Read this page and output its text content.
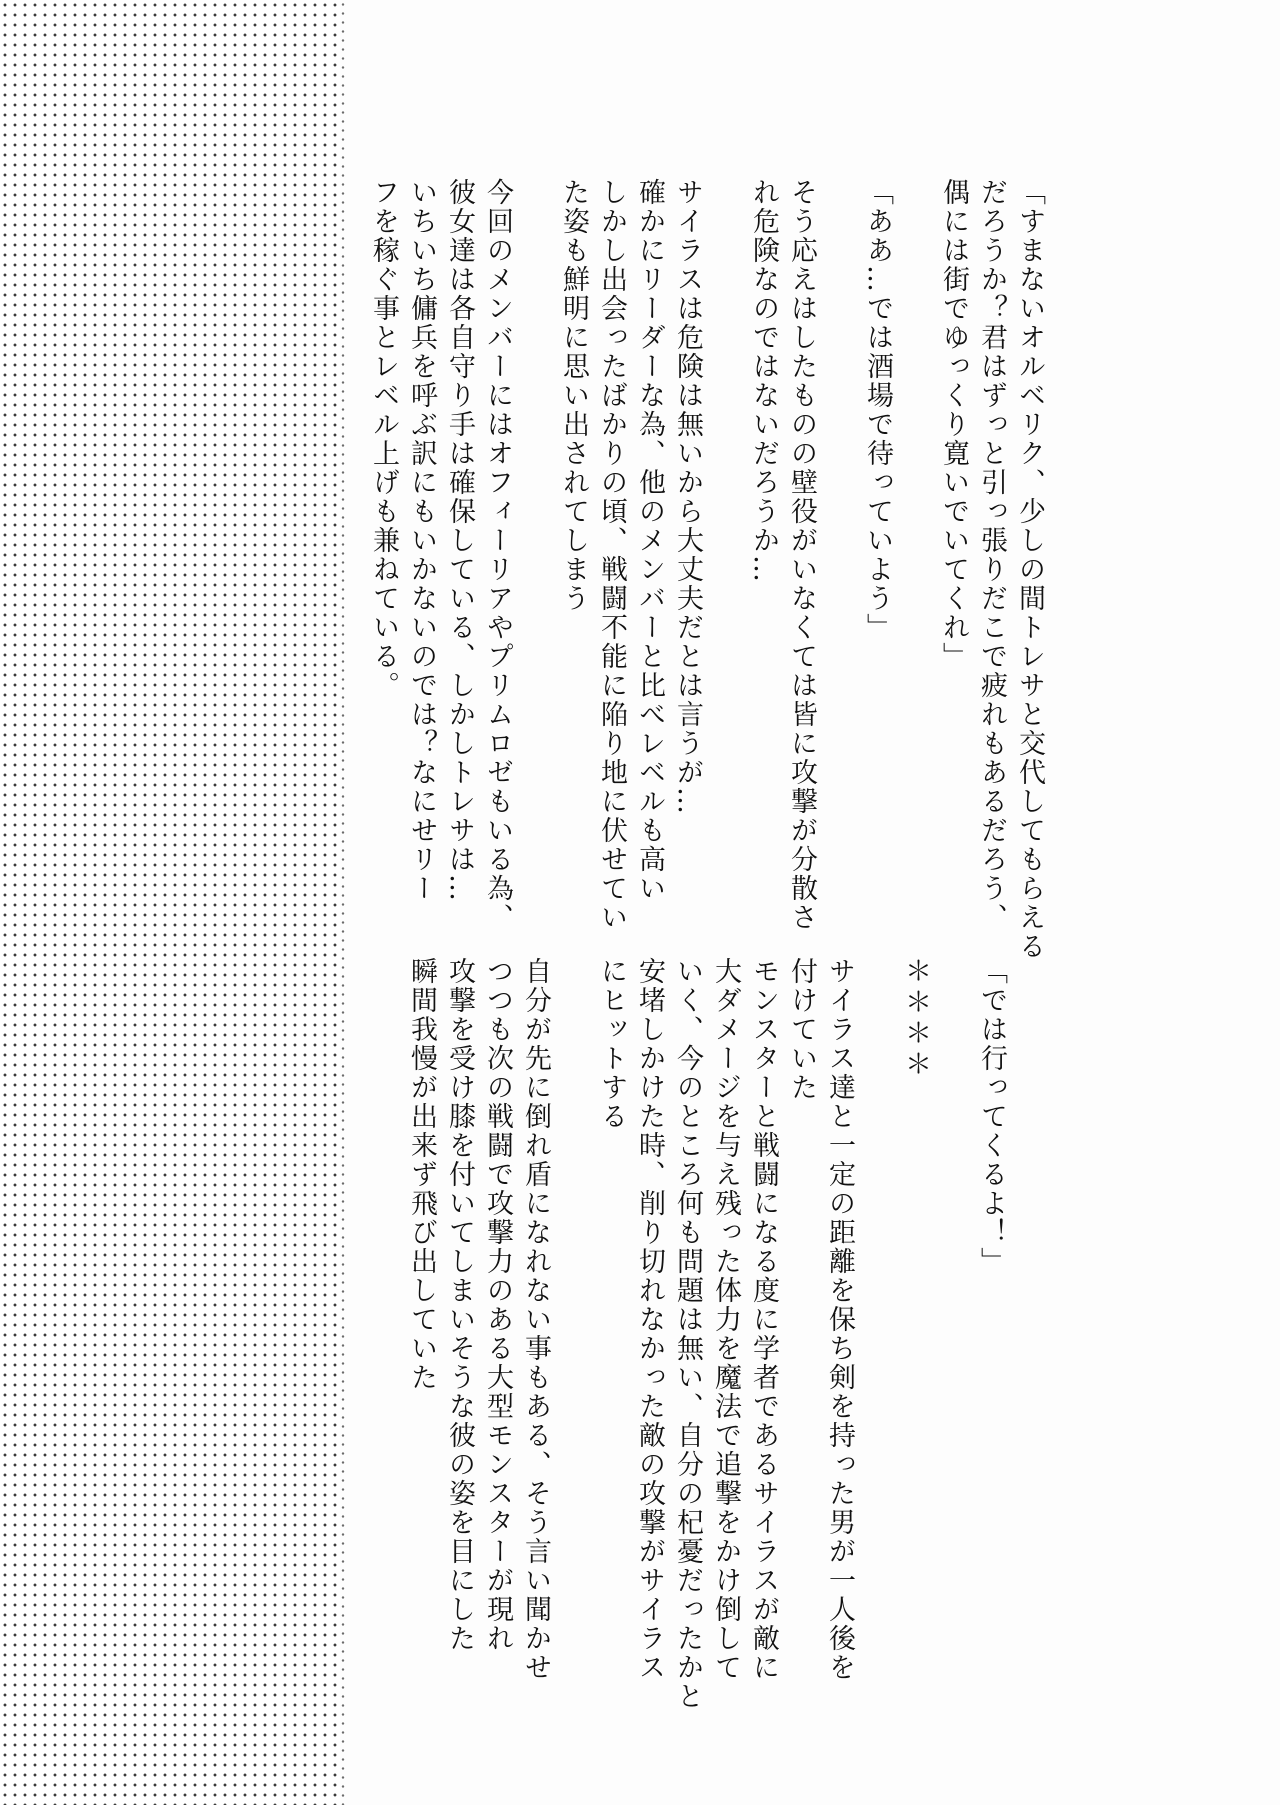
「すまないオルベリク、少しの間トレサと交代してもらえる
だろうか？君はずっと引っ張りだこで疲れもあるだろう、
偶には街でゆっくり寛いでいてくれ」

「ああ…では酒場で待っていよう」

そう応えはしたものの壁役がいなくては皆に攻撃が分散さ
れ危険なのではないだろうか…

サイラスは危険は無いから大丈夫だとは言うが…
確かにリーダーな為、他のメンバーと比べレベルも高い
しかし出会ったばかりの頃、戦闘不能に陥り地に伏せてい
た姿も鮮明に思い出されてしまう

今回のメンバーにはオフィーリアやプリムロゼもいる為、
彼女達は各自守り手は確保している、しかしトレサは…
いちいち傭兵を呼ぶ訳にもいかないのでは？なにせリー
フを稼ぐ事とレベル上げも兼ねている。
「では行ってくるよ！」

＊＊＊＊

サイラス達と一定の距離を保ち剣を持った男が一人後を
付けていた
モンスターと戦闘になる度に学者であるサイラスが敵に
大ダメージを与え残った体力を魔法で追撃をかけ倒して
いく、今のところ何も問題は無い、自分の杞憂だったかと
安堵しかけた時、削り切れなかった敵の攻撃がサイラス
にヒットする

自分が先に倒れ盾になれない事もある、そう言い聞かせ
つつも次の戦闘で攻撃力のある大型モンスターが現れ
攻撃を受け膝を付いてしまいそうな彼の姿を目にした
瞬間我慢が出来ず飛び出していた
